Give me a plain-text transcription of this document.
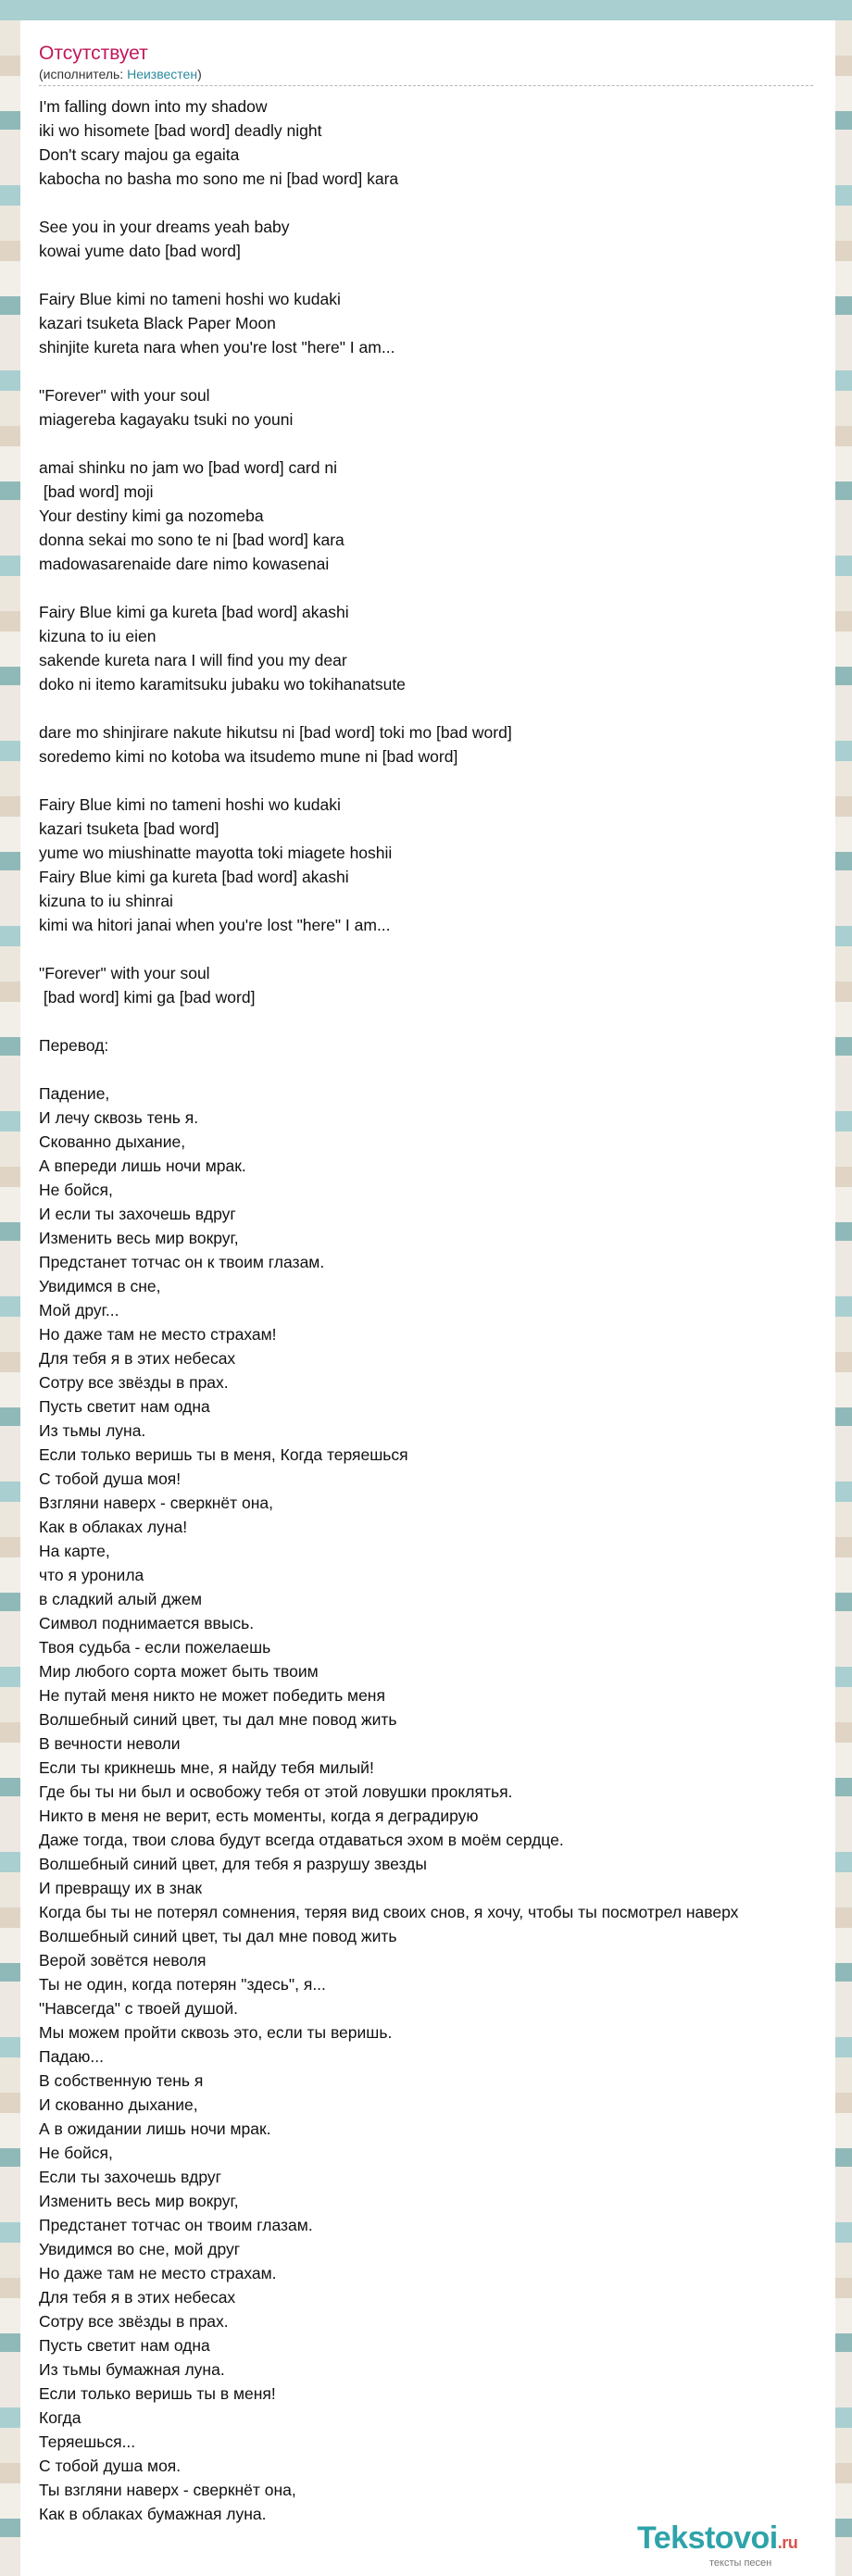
Отсутствует
(исполнитель: Неизвестен)
I'm falling down into my shadow
iki wo hisomete [bad word] deadly night
Don't scary majou ga egaita
kabocha no basha mo sono me ni [bad word] kara
See you in your dreams yeah baby
kowai yume dato [bad word]
Fairy Blue kimi no tameni hoshi wo kudaki
kazari tsuketa Black Paper Moon
shinjite kureta nara when you're lost "here" I am...
"Forever" with your soul
miagereba kagayaku tsuki no youni
amai shinku no jam wo [bad word] card ni
[bad word] moji
Your destiny kimi ga nozomeba
donna sekai mo sono te ni [bad word] kara
madowasarenaide dare nimo kowasenai
Fairy Blue kimi ga kureta [bad word] akashi
kizuna to iu eien
sakende kureta nara I will find you my dear
doko ni itemo karamitsuku jubaku wo tokihanatsute
dare mo shinjirare nakute hikutsu ni [bad word] toki mo [bad word]
soredemo kimi no kotoba wa itsudemo mune ni [bad word]
Fairy Blue kimi no tameni hoshi wo kudaki
kazari tsuketa [bad word]
yume wo miushinatte mayotta toki miagete hoshii
Fairy Blue kimi ga kureta [bad word] akashi
kizuna to iu shinrai
kimi wa hitori janai when you're lost "here" I am...
"Forever" with your soul
[bad word] kimi ga [bad word]
Перевод:
Падение,
И лечу сквозь тень я.
Скованно дыхание,
А впереди лишь ночи мрак.
Не бойся,
И если ты захочешь вдруг
Изменить весь мир вокруг,
Предстанет тотчас он к твоим глазам.
Увидимся в сне,
Мой друг...
Но даже там не место страхам!
Для тебя я в этих небесах
Сотру все звёзды в прах.
Пусть светит нам одна
Из тьмы луна.
Если только веришь ты в меня, Когда теряешься
С тобой душа моя!
Взгляни наверх - сверкнёт она,
Как в облаках луна!
На карте,
что я уронила
в сладкий алый джем
Символ поднимается ввысь.
Твоя судьба - если пожелаешь
Мир любого сорта может быть твоим
Не путай меня никто не может победить меня
Волшебный синий цвет, ты дал мне повод жить
В вечности неволи
Если ты крикнешь мне, я найду тебя милый!
Где бы ты ни был и освобожу тебя от этой ловушки проклятья.
Никто в меня не верит, есть моменты, когда я деградирую
Даже тогда, твои слова будут всегда отдаваться эхом в моём сердце.
Волшебный синий цвет, для тебя я разрушу звезды
И превращу их в знак
Когда бы ты не потерял сомнения, теряя вид своих снов, я хочу, чтобы ты посмотрел наверх
Волшебный синий цвет, ты дал мне повод жить
Верой зовётся неволя
Ты не один, когда потерян "здесь", я...
"Навсегда" с твоей душой.
Мы можем пройти сквозь это, если ты веришь.
Падаю...
В собственную тень я
И скованно дыхание,
А в ожидании лишь ночи мрак.
Не бойся,
Если ты захочешь вдруг
Изменить весь мир вокруг,
Предстанет тотчас он твоим глазам.
Увидимся во сне, мой друг
Но даже там не место страхам.
Для тебя я в этих небесах
Сотру все звёзды в прах.
Пусть светит нам одна
Из тьмы бумажная луна.
Если только веришь ты в меня!
Когда
Теряешься...
С тобой душа моя.
Ты взгляни наверх - сверкнёт она,
Как в облаках бумажная луна.
Tekstovoi.ru
тексты песен
